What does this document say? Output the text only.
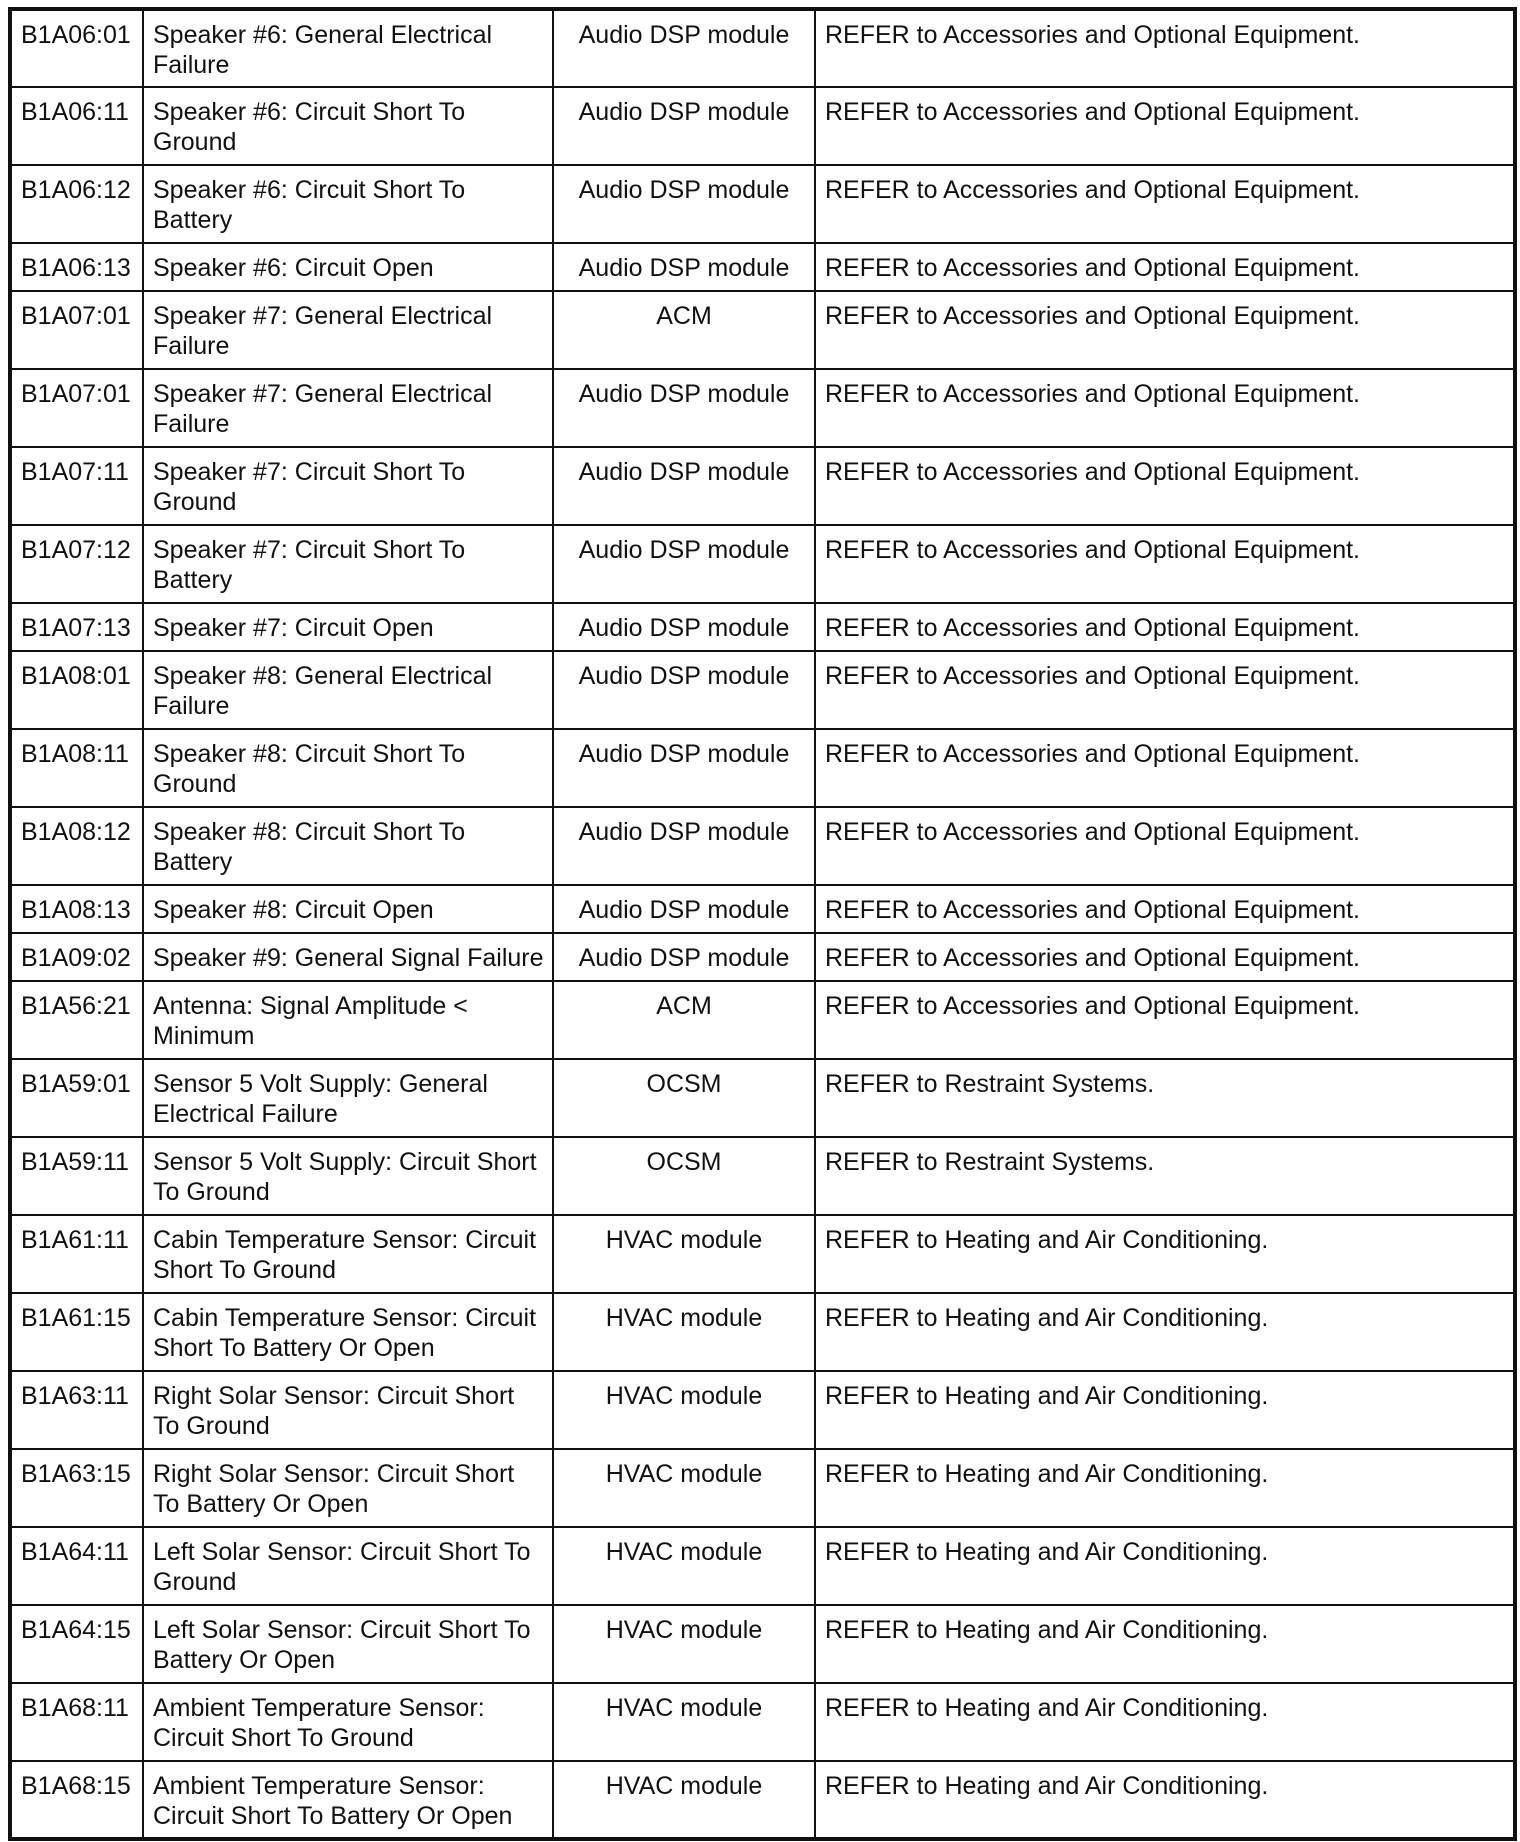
B1A06:01	Speaker #6: General Electrical Failure	Audio DSP module	REFER to Accessories and Optional Equipment.
B1A06:11	Speaker #6: Circuit Short To Ground	Audio DSP module	REFER to Accessories and Optional Equipment.
B1A06:12	Speaker #6: Circuit Short To Battery	Audio DSP module	REFER to Accessories and Optional Equipment.
B1A06:13	Speaker #6: Circuit Open	Audio DSP module	REFER to Accessories and Optional Equipment.
B1A07:01	Speaker #7: General Electrical Failure	ACM	REFER to Accessories and Optional Equipment.
B1A07:01	Speaker #7: General Electrical Failure	Audio DSP module	REFER to Accessories and Optional Equipment.
B1A07:11	Speaker #7: Circuit Short To Ground	Audio DSP module	REFER to Accessories and Optional Equipment.
B1A07:12	Speaker #7: Circuit Short To Battery	Audio DSP module	REFER to Accessories and Optional Equipment.
B1A07:13	Speaker #7: Circuit Open	Audio DSP module	REFER to Accessories and Optional Equipment.
B1A08:01	Speaker #8: General Electrical Failure	Audio DSP module	REFER to Accessories and Optional Equipment.
B1A08:11	Speaker #8: Circuit Short To Ground	Audio DSP module	REFER to Accessories and Optional Equipment.
B1A08:12	Speaker #8: Circuit Short To Battery	Audio DSP module	REFER to Accessories and Optional Equipment.
B1A08:13	Speaker #8: Circuit Open	Audio DSP module	REFER to Accessories and Optional Equipment.
B1A09:02	Speaker #9: General Signal Failure	Audio DSP module	REFER to Accessories and Optional Equipment.
B1A56:21	Antenna: Signal Amplitude < Minimum	ACM	REFER to Accessories and Optional Equipment.
B1A59:01	Sensor 5 Volt Supply: General Electrical Failure	OCSM	REFER to Restraint Systems.
B1A59:11	Sensor 5 Volt Supply: Circuit Short To Ground	OCSM	REFER to Restraint Systems.
B1A61:11	Cabin Temperature Sensor: Circuit Short To Ground	HVAC module	REFER to Heating and Air Conditioning.
B1A61:15	Cabin Temperature Sensor: Circuit Short To Battery Or Open	HVAC module	REFER to Heating and Air Conditioning.
B1A63:11	Right Solar Sensor: Circuit Short To Ground	HVAC module	REFER to Heating and Air Conditioning.
B1A63:15	Right Solar Sensor: Circuit Short To Battery Or Open	HVAC module	REFER to Heating and Air Conditioning.
B1A64:11	Left Solar Sensor: Circuit Short To Ground	HVAC module	REFER to Heating and Air Conditioning.
B1A64:15	Left Solar Sensor: Circuit Short To Battery Or Open	HVAC module	REFER to Heating and Air Conditioning.
B1A68:11	Ambient Temperature Sensor: Circuit Short To Ground	HVAC module	REFER to Heating and Air Conditioning.
B1A68:15	Ambient Temperature Sensor: Circuit Short To Battery Or Open	HVAC module	REFER to Heating and Air Conditioning.
